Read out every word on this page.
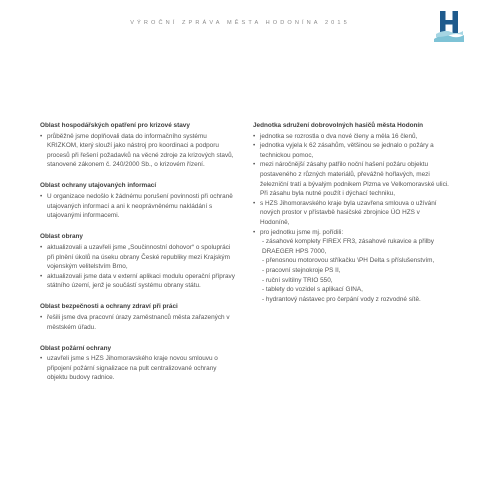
VÝROČNÍ ZPRÁVA MĚSTA HODONÍNA 2015
Oblast hospodářských opatření pro krizové stavy
• průběžně jsme doplňovali data do informačního systému KRIZKOM, který slouží jako nástroj pro koordinaci a podporu procesů při řešení požadavků na věcné zdroje za krizových stavů, stanovené zákonem č. 240/2000 Sb., o krizovém řízení.
Oblast ochrany utajovaných informací
• U organizace nedošlo k žádnému porušení povinnosti při ochraně utajovaných informací a ani k neoprávněnému nakládání s utajovanými informacemi.
Oblast obrany
• aktualizovali a uzavřeli jsme „Součinnostní dohovor“ o spolupráci při plnění úkolů na úseku obrany České republiky mezi Krajským vojenským velitelstvím Brno,
• aktualizovali jsme data v externí aplikaci modulu operační přípravy státního území, jenž je součástí systému obrany státu.
Oblast bezpečnosti a ochrany zdraví při práci
• řešili jsme dva pracovní úrazy zaměstnanců města zařazených v městském úřadu.
Oblast požární ochrany
• uzavřeli jsme s HZS Jihomoravského kraje novou smlouvu o připojení požární signalizace na pult centralizované ochrany objektu budovy radnice.
Jednotka sdružení dobrovolných hasičů města Hodonín
• jednotka se rozrostla o dva nové členy a měla 16 členů,
• jednotka vyjela k 62 zásahům, většinou se jednalo o požáry a technickou pomoc,
• mezi náročnější zásahy patřilo noční hašení požáru objektu postaveného z různých materiálů, převážně hořlavých, mezi železniční tratí a bývalým podnikem Plzma ve Velkomoravské ulici. Při zásahu byla nutné použít i dýchací techniku,
• s HZS Jihomoravského kraje byla uzavřena smlouva o užívání nových prostor v přístavbě hasičské zbrojnice ÚO HZS v Hodoníně,
• pro jednotku jsme mj. pořídili:
- zásahové komplety FIREX FR3, zásahové rukavice a přilby DRAEGER HPS 7000,
- přenosnou motorovou stříkačku \PH Delta s příslušenstvím,
- pracovní stejnokroje PS II,
- ruční svítilny TRIO 550,
- tablety do vozidel s aplikací GINA,
- hydrantový nástavec pro čerpání vody z rozvodné sítě.
